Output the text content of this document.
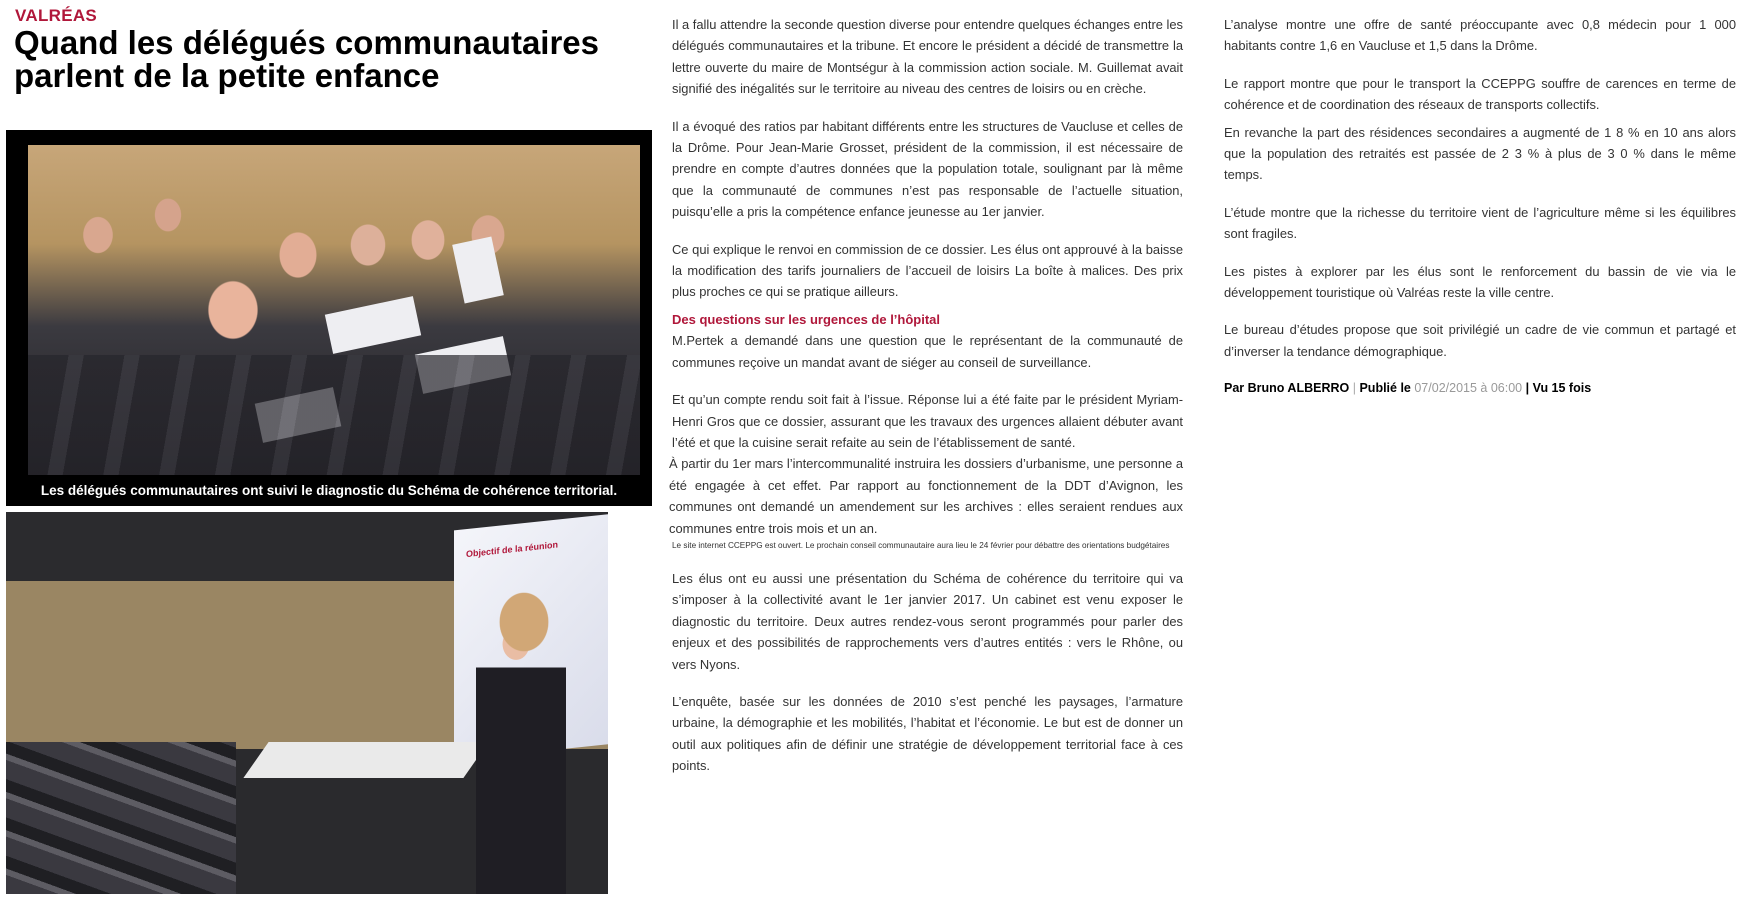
VALRÉAS
Quand les délégués communautaires parlent de la petite enfance
Les délégués communautaires ont suivi le diagnostic du Schéma de cohérence territorial.
Objectif de la réunion

Il a fallu attendre la seconde question diverse pour entendre quelques échanges entre les délégués communautaires et la tribune. Et encore le président a décidé de transmettre la lettre ouverte du maire de Montségur à la commission action sociale. M. Guillemat avait signifié des inégalités sur le territoire au niveau des centres de loisirs ou en crèche.

Il a évoqué des ratios par habitant différents entre les structures de Vaucluse et celles de la Drôme. Pour Jean-Marie Grosset, président de la commission, il est nécessaire de prendre en compte d’autres données que la population totale, soulignant par là même que la communauté de communes n’est pas responsable de l’actuelle situation, puisqu’elle a pris la compétence enfance jeunesse au 1er janvier.

Ce qui explique le renvoi en commission de ce dossier. Les élus ont approuvé à la baisse la modification des tarifs journaliers de l’accueil de loisirs La boîte à malices. Des prix plus proches ce qui se pratique ailleurs.

Des questions sur les urgences de l’hôpital

M.Pertek a demandé dans une question que le représentant de la communauté de communes reçoive un mandat avant de siéger au conseil de surveillance.

Et qu’un compte rendu soit fait à l’issue. Réponse lui a été faite par le président Myriam-Henri Gros que ce dossier, assurant que les travaux des urgences allaient débuter avant l’été et que la cuisine serait refaite au sein de l’établissement de santé.

À partir du 1er mars l’intercommunalité instruira les dossiers d’urbanisme, une personne a été engagée à cet effet. Par rapport au fonctionnement de la DDT d’Avignon, les communes ont demandé un amendement sur les archives : elles seraient rendues aux communes entre trois mois et un an.

Le site internet CCEPPG est ouvert. Le prochain conseil communautaire aura lieu le 24 février pour débattre des orientations budgétaires

Les élus ont eu aussi une présentation du Schéma de cohérence du territoire qui va s’imposer à la collectivité avant le 1er janvier 2017. Un cabinet est venu exposer le diagnostic du territoire. Deux autres rendez-vous seront programmés pour parler des enjeux et des possibilités de rapprochements vers d’autres entités : vers le Rhône, ou vers Nyons.

L’enquête, basée sur les données de 2010 s’est penché les paysages, l’armature urbaine, la démographie et les mobilités, l’habitat et l’économie. Le but est de donner un outil aux politiques afin de définir une stratégie de développement territorial face à ces points.

L’analyse montre une offre de santé préoccupante avec 0,8 médecin pour 1 000 habitants contre 1,6 en Vaucluse et 1,5 dans la Drôme.

Le rapport montre que pour le transport la CCEPPG souffre de carences en terme de cohérence et de coordination des réseaux de transports collectifs.

En revanche la part des résidences secondaires a augmenté de 1 8 % en 10 ans alors que la population des retraités est passée de 2 3 % à plus de 3 0 % dans le même temps.

L’étude montre que la richesse du territoire vient de l’agriculture même si les équilibres sont fragiles.

Les pistes à explorer par les élus sont le renforcement du bassin de vie via le développement touristique où Valréas reste la ville centre.

Le bureau d’études propose que soit privilégié un cadre de vie commun et partagé et d’inverser la tendance démographique.

Par Bruno ALBERRO | Publié le 07/02/2015 à 06:00 | Vu 15 fois
